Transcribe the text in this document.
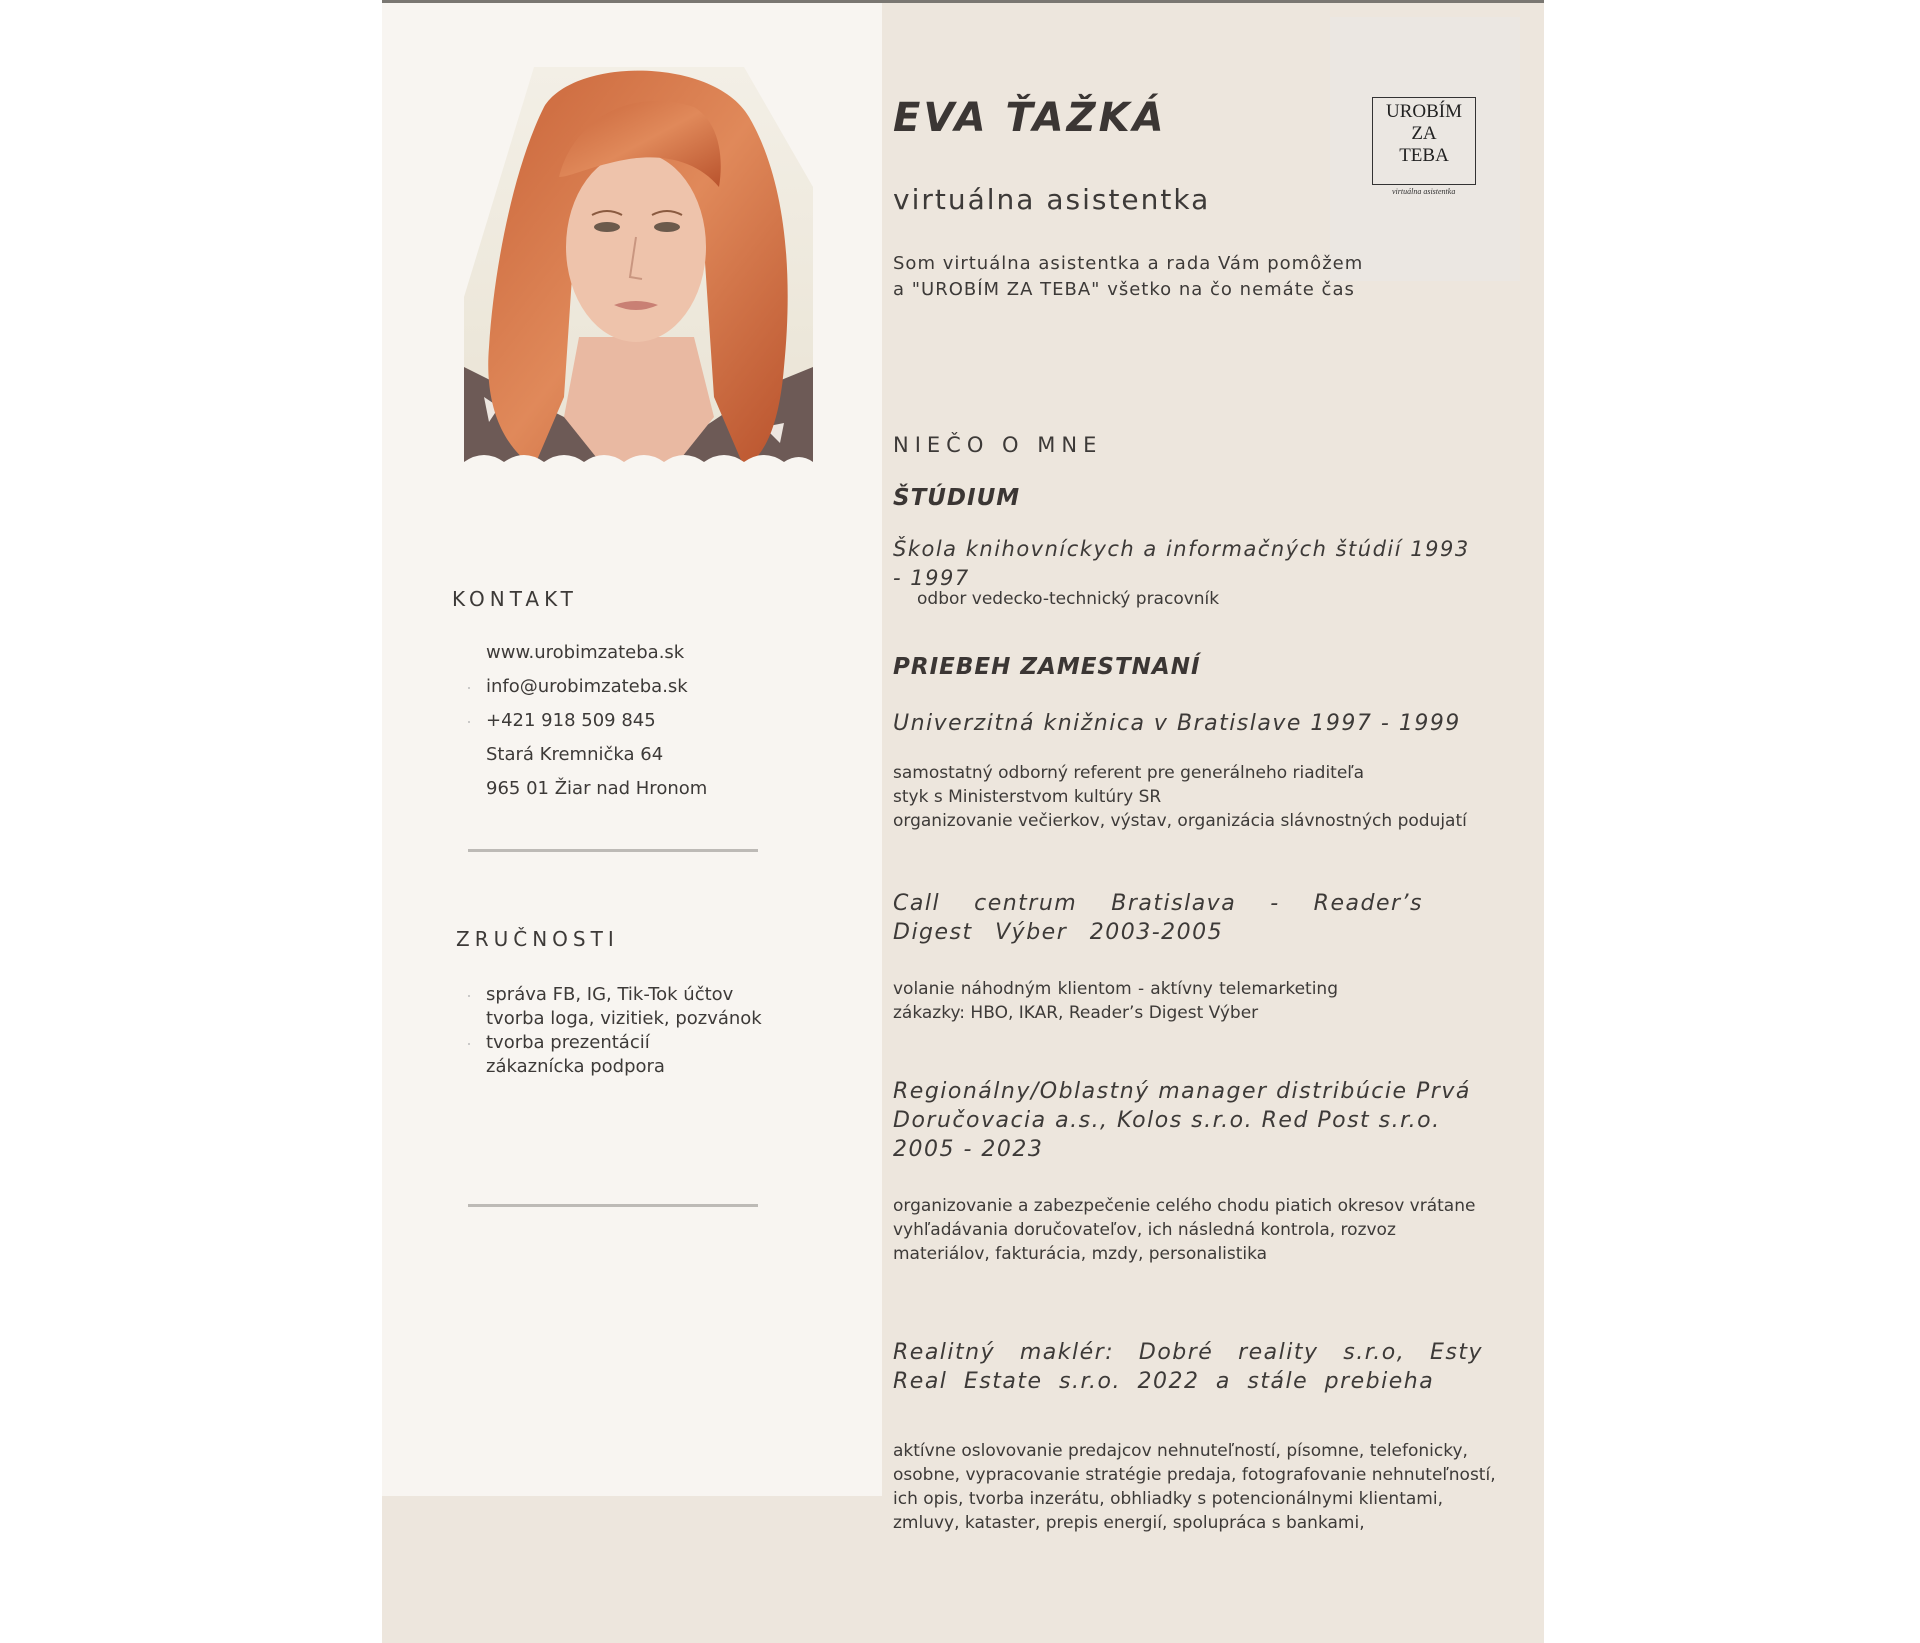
KONTAKT
www.urobimzateba.sk
info@urobimzateba.sk
+421 918 509 845
Stará Kremnička 64
965 01 Žiar nad Hronom
ZRUČNOSTI
správa FB, IG, Tik-Tok účtov
tvorba loga, vizitiek, pozvánok
tvorba prezentácií
zákaznícka podpora
UROBÍM
ZA
TEBA
virtuálna asistentka
EVA ŤAŽKÁ
virtuálna asistentka
Som virtuálna asistentka a rada Vám pomôžem
a "UROBÍM ZA TEBA" všetko na čo nemáte čas
NIEČO O MNE
ŠTÚDIUM
Škola knihovníckych a informačných štúdií 1993 - 1997
odbor vedecko-technický pracovník
PRIEBEH ZAMESTNANÍ
Univerzitná knižnica v Bratislave 1997 - 1999
samostatný odborný referent pre generálneho riaditeľa
styk s Ministerstvom kultúry SR
organizovanie večierkov, výstav, organizácia slávnostných podujatí
Call centrum Bratislava - Reader’s Digest Výber 2003-2005
volanie náhodným klientom - aktívny telemarketing zákazky: HBO, IKAR, Reader’s Digest Výber
Regionálny/Oblastný manager distribúcie Prvá Doručovacia a.s., Kolos s.r.o. Red Post s.r.o. 2005 - 2023
organizovanie a zabezpečenie celého chodu piatich okresov vrátane vyhľadávania doručovateľov, ich následná kontrola, rozvoz materiálov, fakturácia, mzdy, personalistika
Realitný maklér: Dobré reality s.r.o, Esty Real Estate s.r.o. 2022 a stále prebieha
aktívne oslovovanie predajcov nehnuteľností, písomne, telefonicky, osobne, vypracovanie stratégie predaja, fotografovanie nehnuteľností, ich opis, tvorba inzerátu, obhliadky s potencionálnymi klientami, zmluvy, kataster, prepis energií, spolupráca s bankami,
